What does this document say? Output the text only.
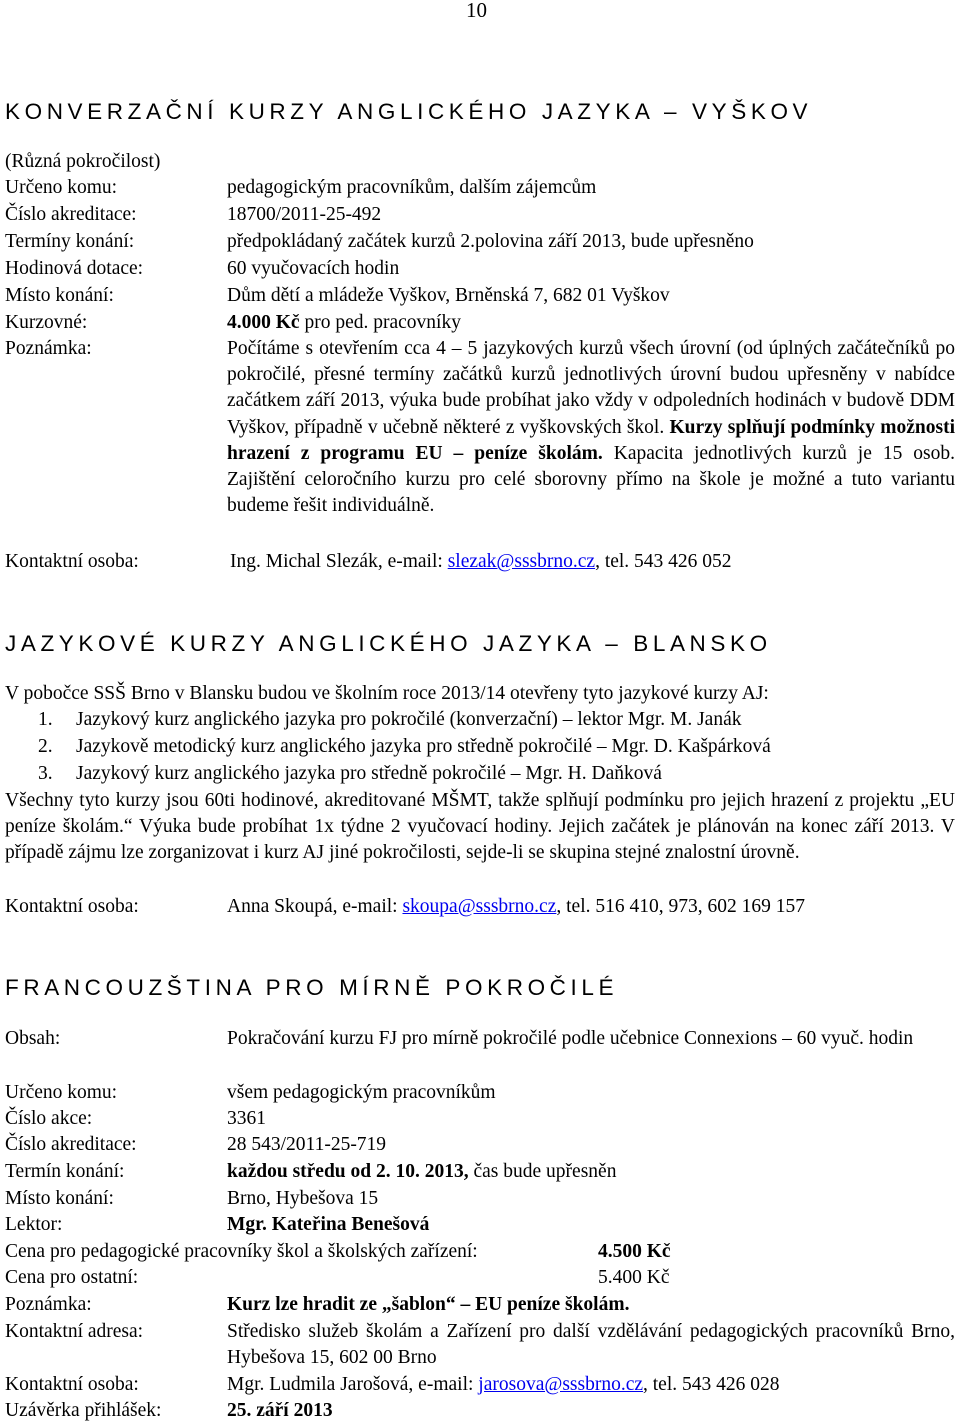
10
KONVERZAČNÍ KURZY ANGLICKÉHO JAZYKA – VYŠKOV
(Různá pokročilost)
Určeno komu:	pedagogickým pracovníkům, dalším zájemcům
Číslo akreditace:	18700/2011-25-492
Termíny konání:	předpokládaný začátek kurzů 2.polovina září 2013, bude upřesněno
Hodinová dotace:	60 vyučovacích hodin
Místo konání:	Dům dětí a mládeže Vyškov, Brněnská 7, 682 01 Vyškov
Kurzovné:	4.000 Kč pro ped. pracovníky
Poznámka:	Počítáme s otevřením cca 4 – 5 jazykových kurzů všech úrovní (od úplných začátečníků po pokročilé, přesné termíny začátků kurzů jednotlivých úrovní budou upřesněny v nabídce začátkem září 2013, výuka bude probíhat jako vždy v odpoledních hodinách v budově DDM Vyškov, případně v učebně některé z vyškovských škol. Kurzy splňují podmínky možnosti hrazení z programu EU – peníze školám. Kapacita jednotlivých kurzů je 15 osob. Zajištění celoročního kurzu pro celé sborovny přímo na škole je možné a tuto variantu budeme řešit individuálně.
Kontaktní osoba:	Ing. Michal Slezák, e-mail: slezak@sssbrno.cz, tel. 543 426 052
JAZYKOVÉ KURZY ANGLICKÉHO JAZYKA – BLANSKO
V pobočce SSŠ Brno v Blansku budou ve školním roce 2013/14 otevřeny tyto jazykové kurzy AJ:
1. Jazykový kurz anglického jazyka pro pokročilé (konverzační) – lektor Mgr. M. Janák
2. Jazykově metodický kurz anglického jazyka pro středně pokročilé – Mgr. D. Kašpárková
3. Jazykový kurz anglického jazyka pro středně pokročilé – Mgr. H. Daňková
Všechny tyto kurzy jsou 60ti hodinové, akreditované MŠMT, takže splňují podmínku pro jejich hrazení z projektu „EU peníze školám.“ Výuka bude probíhat 1x týdne 2 vyučovací hodiny. Jejich začátek je plánován na konec září 2013. V případě zájmu lze zorganizovat i kurz AJ jiné pokročilosti, sejde-li se skupina stejné znalostní úrovně.
Kontaktní osoba:	Anna Skoupá, e-mail: skoupa@sssbrno.cz, tel. 516 410, 973, 602 169 157
FRANCOUZŠTINA PRO MÍRNĚ POKROČILÉ
Obsah:	Pokračování kurzu FJ pro mírně pokročilé podle učebnice Connexions – 60 vyuč. hodin
Určeno komu:	všem pedagogickým pracovníkům
Číslo akce:	3361
Číslo akreditace:	28 543/2011-25-719
Termín konání:	každou středu od 2. 10. 2013, čas bude upřesněn
Místo konání:	Brno, Hybešova 15
Lektor:	Mgr. Kateřina Benešová
Cena pro pedagogické pracovníky škol a školských zařízení:	4.500 Kč
Cena pro ostatní:	5.400 Kč
Poznámka:	Kurz lze hradit ze „šablon“ – EU peníze školám.
Kontaktní adresa:	Středisko služeb školám a Zařízení pro další vzdělávání pedagogických pracovníků Brno, Hybešova 15, 602 00 Brno
Kontaktní osoba:	Mgr. Ludmila Jarošová, e-mail: jarosova@sssbrno.cz, tel. 543 426 028
Uzávěrka přihlášek:	25. září 2013
